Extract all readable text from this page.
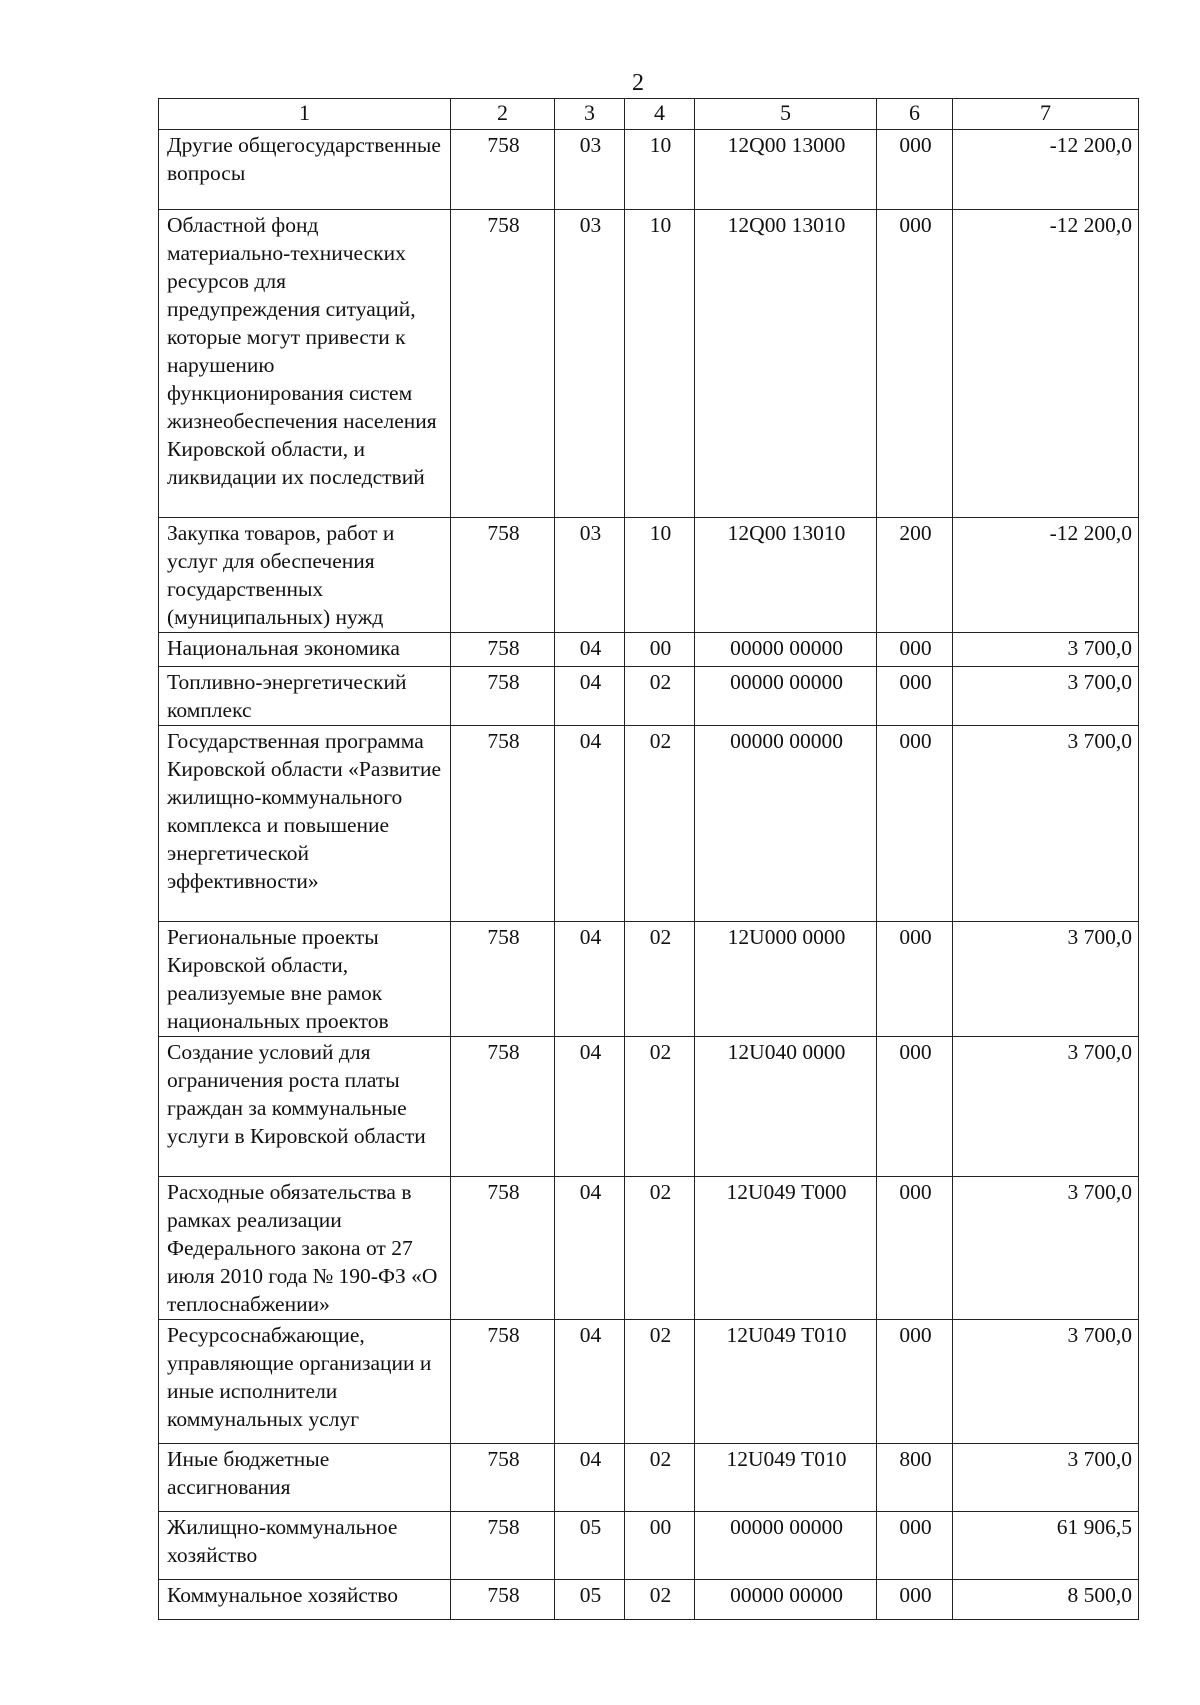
2
1	2	3	4	5	6	7
Другие общегосударственные вопросы	758	03	10	12Q00 13000	000	-12 200,0
Областной фонд материально-технических ресурсов для предупреждения ситуаций, которые могут привести к нарушению функционирования систем жизнеобеспечения населения Кировской области, и ликвидации их последствий	758	03	10	12Q00 13010	000	-12 200,0
Закупка товаров, работ и услуг для обеспечения государственных (муниципальных) нужд	758	03	10	12Q00 13010	200	-12 200,0
Национальная экономика	758	04	00	00000 00000	000	3 700,0
Топливно-энергетический комплекс	758	04	02	00000 00000	000	3 700,0
Государственная программа Кировской области «Развитие жилищно-коммунального комплекса и повышение энергетической эффективности»	758	04	02	00000 00000	000	3 700,0
Региональные проекты Кировской области, реализуемые вне рамок национальных проектов	758	04	02	12U000 0000	000	3 700,0
Создание условий для ограничения роста платы граждан за коммунальные услуги в Кировской области	758	04	02	12U040 0000	000	3 700,0
Расходные обязательства в рамках реализации Федерального закона от 27 июля 2010 года № 190-ФЗ «О теплоснабжении»	758	04	02	12U049 Т000	000	3 700,0
Ресурсоснабжающие, управляющие организации и иные исполнители коммунальных услуг	758	04	02	12U049 Т010	000	3 700,0
Иные бюджетные ассигнования	758	04	02	12U049 Т010	800	3 700,0
Жилищно-коммунальное хозяйство	758	05	00	00000 00000	000	61 906,5
Коммунальное хозяйство	758	05	02	00000 00000	000	8 500,0
